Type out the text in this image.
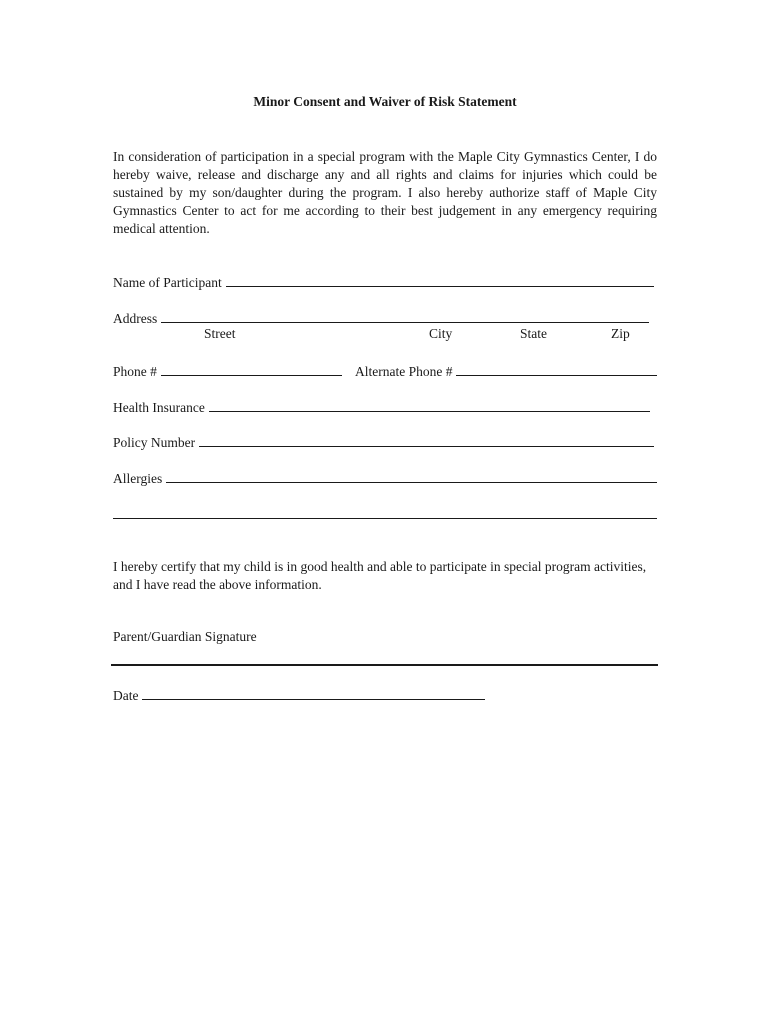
Minor Consent and Waiver of Risk Statement

In consideration of participation in a special program with the Maple City Gymnastics Center, I do hereby waive, release and discharge any and all rights and claims for injuries which could be sustained by my son/daughter during the program. I also hereby authorize staff of Maple City Gymnastics Center to act for me according to their best judgement in any emergency requiring medical attention.

Name of Participant
Address
Street	City	State	Zip
Phone #	Alternate Phone #
Health Insurance
Policy Number
Allergies

I hereby certify that my child is in good health and able to participate in special program activities, and I have read the above information.

Parent/Guardian Signature
Date
